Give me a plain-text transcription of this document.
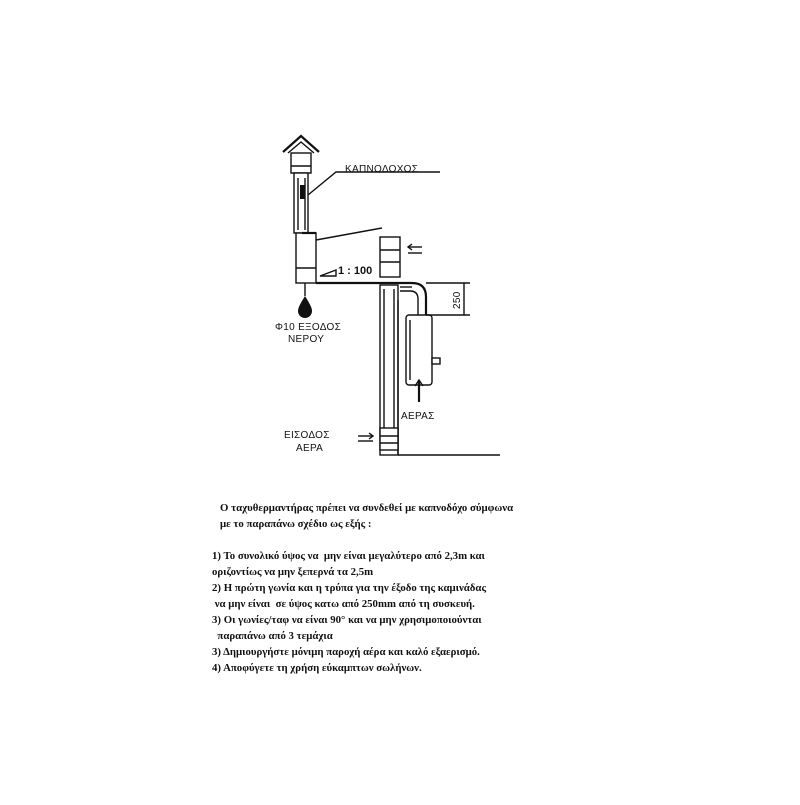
ΚΑΠΝΟΔΟΧΟΣ
1 : 100
Φ10 ΕΞΟΔΟΣ
ΝΕΡΟΥ
250
ΑΕΡΑΣ
ΕΙΣΟΔΟΣ
ΑΕΡΑ

Ο ταχυθερμαντήρας πρέπει να συνδεθεί με καπνοδόχο σύμφωνα
με το παραπάνω σχέδιο ως εξής :

1) Το συνολικό ύψος να  μην είναι μεγαλύτερο από 2,3m και

οριζοντίως να μην ξεπερνά τα 2,5m

2) Η πρώτη γωνία και η τρύπα για την έξοδο της καμινάδας

να μην είναι  σε ύψος κατω από 250mm από τη συσκευή.

3) Οι γωνίες/ταφ να είναι 90° και να μην χρησιμοποιούνται

παραπάνω από 3 τεμάχια

3) Δημιουργήστε μόνιμη παροχή αέρα και καλό εξαερισμό.

4) Αποφύγετε τη χρήση εύκαμπτων σωλήνων.
